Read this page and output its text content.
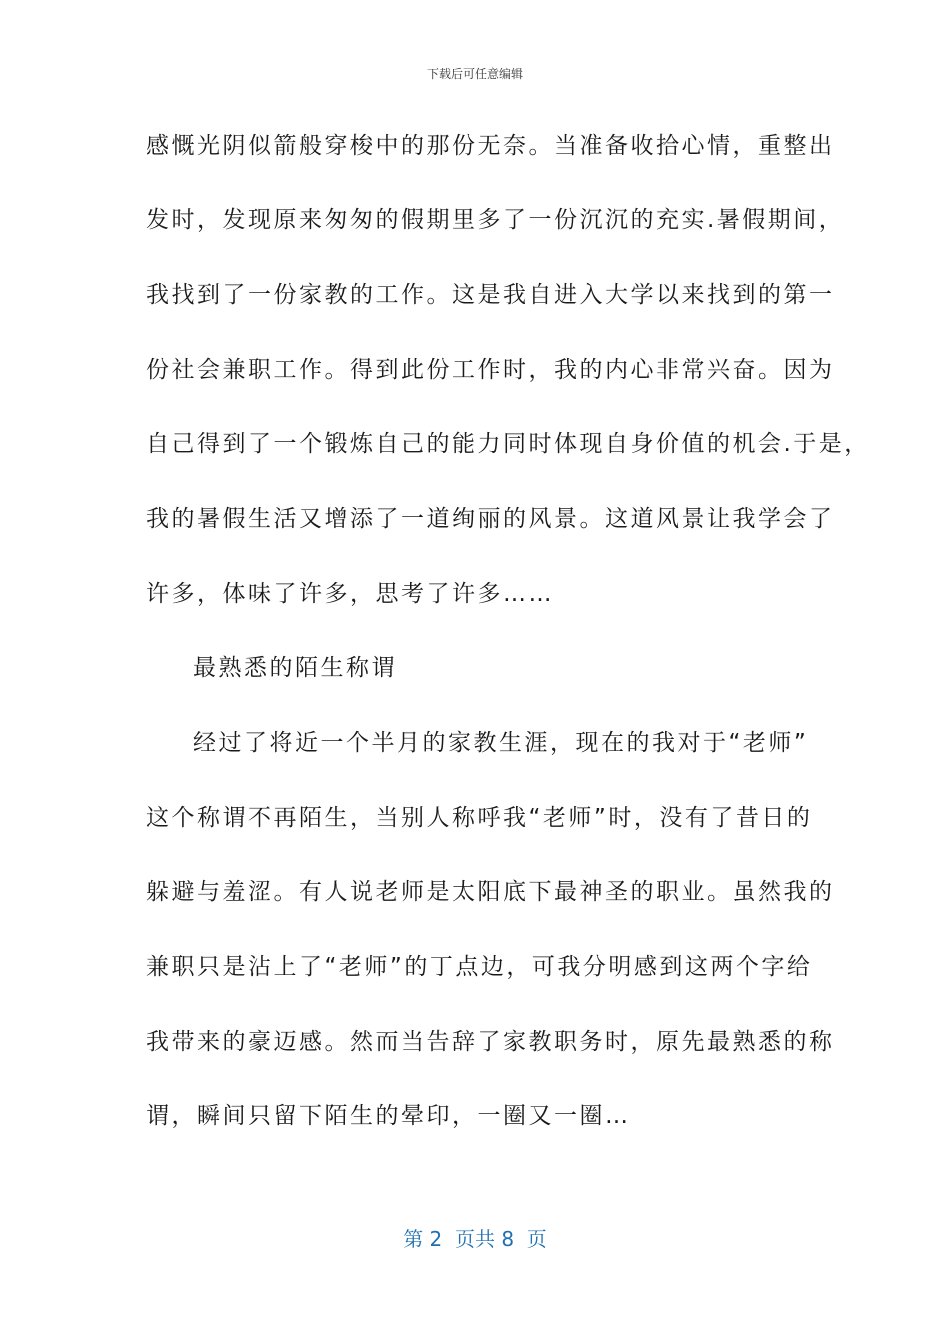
下载后可任意编辑
感慨光阴似箭般穿梭中的那份无奈。当准备收拾心情，重整出
发时，发现原来匆匆的假期里多了一份沉沉的充实.暑假期间，
我找到了一份家教的工作。这是我自进入大学以来找到的第一
份社会兼职工作。得到此份工作时，我的内心非常兴奋。因为
自己得到了一个锻炼自己的能力同时体现自身价值的机会.于是，
我的暑假生活又增添了一道绚丽的风景。这道风景让我学会了
许多，体味了许多，思考了许多……
最熟悉的陌生称谓
经过了将近一个半月的家教生涯，现在的我对于“老师”
这个称谓不再陌生，当别人称呼我“老师”时，没有了昔日的
躲避与羞涩。有人说老师是太阳底下最神圣的职业。虽然我的
兼职只是沾上了“老师”的丁点边，可我分明感到这两个字给
我带来的豪迈感。然而当告辞了家教职务时，原先最熟悉的称
谓，瞬间只留下陌生的晕印，一圈又一圈…
第 2  页共 8  页
